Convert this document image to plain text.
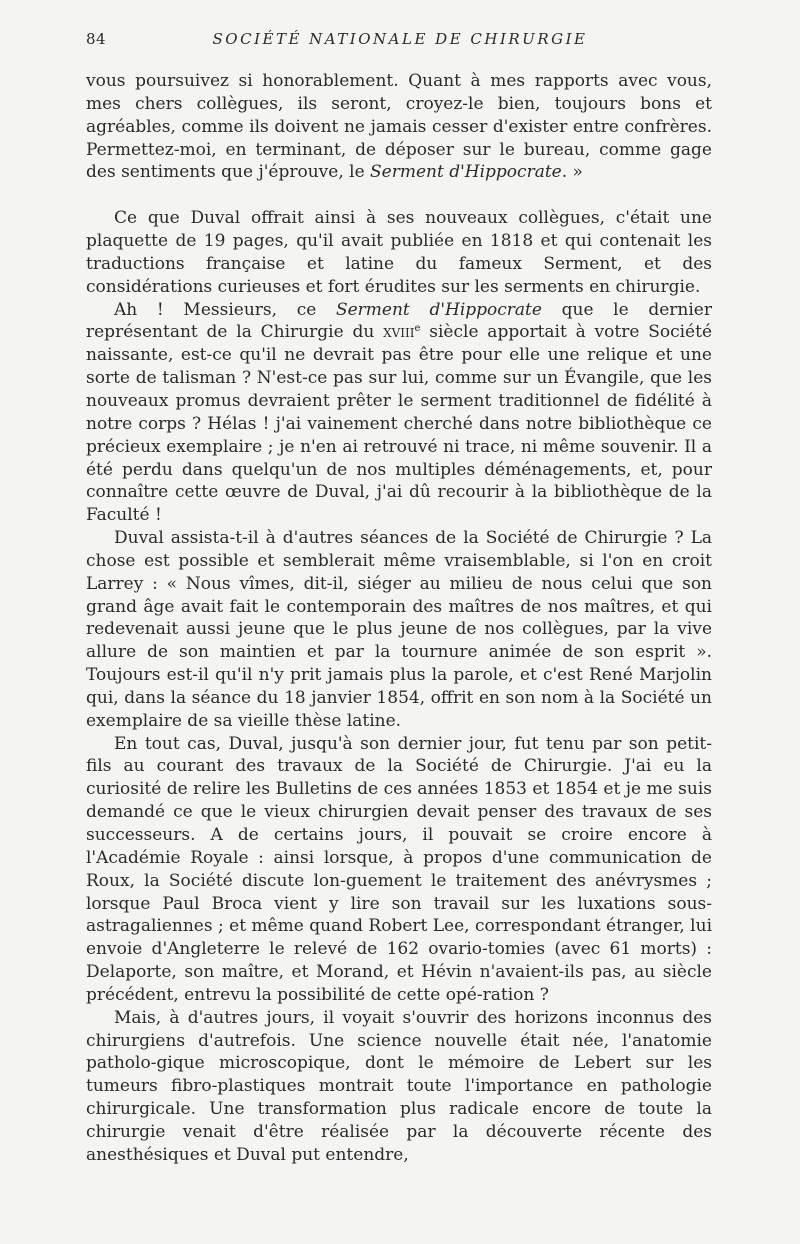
84	SOCIÉTÉ NATIONALE DE CHIRURGIE

vous poursuivez si honorablement. Quant à mes rapports avec vous, mes chers collègues, ils seront, croyez-le bien, toujours bons et agréables, comme ils doivent ne jamais cesser d'exister entre confrères. Permettez-moi, en terminant, de déposer sur le bureau, comme gage des sentiments que j'éprouve, le Serment d'Hippocrate. »

Ce que Duval offrait ainsi à ses nouveaux collègues, c'était une plaquette de 19 pages, qu'il avait publiée en 1818 et qui contenait les traductions française et latine du fameux Serment, et des considérations curieuses et fort érudites sur les serments en chirurgie.

Ah ! Messieurs, ce Serment d'Hippocrate que le dernier représentant de la Chirurgie du xviii$^e$ siècle apportait à votre Société naissante, est-ce qu'il ne devrait pas être pour elle une relique et une sorte de talisman ? N'est-ce pas sur lui, comme sur un Évangile, que les nouveaux promus devraient prêter le serment traditionnel de fidélité à notre corps ? Hélas ! j'ai vainement cherché dans notre bibliothèque ce précieux exemplaire ; je n'en ai retrouvé ni trace, ni même souvenir. Il a été perdu dans quelqu'un de nos multiples déménagements, et, pour connaître cette œuvre de Duval, j'ai dû recourir à la bibliothèque de la Faculté !

Duval assista-t-il à d'autres séances de la Société de Chirurgie ? La chose est possible et semblerait même vraisemblable, si l'on en croit Larrey : « Nous vîmes, dit-il, siéger au milieu de nous celui que son grand âge avait fait le contemporain des maîtres de nos maîtres, et qui redevenait aussi jeune que le plus jeune de nos collègues, par la vive allure de son maintien et par la tournure animée de son esprit ». Toujours est-il qu'il n'y prit jamais plus la parole, et c'est René Marjolin qui, dans la séance du 18 janvier 1854, offrit en son nom à la Société un exemplaire de sa vieille thèse latine.

En tout cas, Duval, jusqu'à son dernier jour, fut tenu par son petit-fils au courant des travaux de la Société de Chirurgie. J'ai eu la curiosité de relire les Bulletins de ces années 1853 et 1854 et je me suis demandé ce que le vieux chirurgien devait penser des travaux de ses successeurs. A de certains jours, il pouvait se croire encore à l'Académie Royale : ainsi lorsque, à propos d'une communication de Roux, la Société discute lon-guement le traitement des anévrysmes ; lorsque Paul Broca vient y lire son travail sur les luxations sous-astragaliennes ; et même quand Robert Lee, correspondant étranger, lui envoie d'Angleterre le relevé de 162 ovario-tomies (avec 61 morts) : Delaporte, son maître, et Morand, et Hévin n'avaient-ils pas, au siècle précédent, entrevu la possibilité de cette opé-ration ?

Mais, à d'autres jours, il voyait s'ouvrir des horizons inconnus des chirurgiens d'autrefois. Une science nouvelle était née, l'anatomie patholo-gique microscopique, dont le mémoire de Lebert sur les tumeurs fibro-plastiques montrait toute l'importance en pathologie chirurgicale. Une transformation plus radicale encore de toute la chirurgie venait d'être réalisée par la découverte récente des anesthésiques et Duval put entendre,
